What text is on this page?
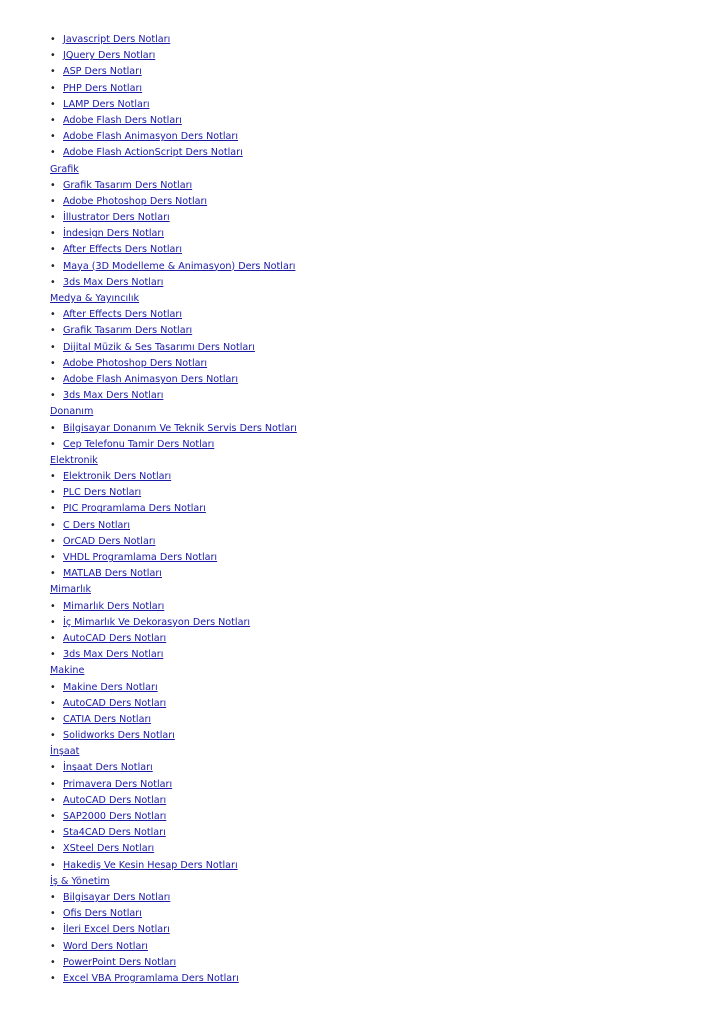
• Javascript Ders Notları
• JQuery Ders Notları
• ASP Ders Notları
• PHP Ders Notları
• LAMP Ders Notları
• Adobe Flash Ders Notları
• Adobe Flash Animasyon Ders Notları
• Adobe Flash ActionScript Ders Notları
Grafik
• Grafik Tasarım Ders Notları
• Adobe Photoshop Ders Notları
• İllustrator Ders Notları
• İndesign Ders Notları
• After Effects Ders Notları
• Maya (3D Modelleme & Animasyon) Ders Notları
• 3ds Max Ders Notları
Medya & Yayıncılık
• After Effects Ders Notları
• Grafik Tasarım Ders Notları
• Dijital Müzik & Ses Tasarımı Ders Notları
• Adobe Photoshop Ders Notları
• Adobe Flash Animasyon Ders Notları
• 3ds Max Ders Notları
Donanım
• Bilgisayar Donanım Ve Teknik Servis Ders Notları
• Cep Telefonu Tamir Ders Notları
Elektronik
• Elektronik Ders Notları
• PLC Ders Notları
• PIC Programlama Ders Notları
• C Ders Notları
• OrCAD Ders Notları
• VHDL Programlama Ders Notları
• MATLAB Ders Notları
Mimarlık
• Mimarlık Ders Notları
• İç Mimarlık Ve Dekorasyon Ders Notları
• AutoCAD Ders Notları
• 3ds Max Ders Notları
Makine
• Makine Ders Notları
• AutoCAD Ders Notları
• CATIA Ders Notları
• Solidworks Ders Notları
İnşaat
• İnşaat Ders Notları
• Primavera Ders Notları
• AutoCAD Ders Notları
• SAP2000 Ders Notları
• Sta4CAD Ders Notları
• XSteel Ders Notları
• Hakediş Ve Kesin Hesap Ders Notları
İş & Yönetim
• Bilgisayar Ders Notları
• Ofis Ders Notları
• İleri Excel Ders Notları
• Word Ders Notları
• PowerPoint Ders Notları
• Excel VBA Programlama Ders Notları
